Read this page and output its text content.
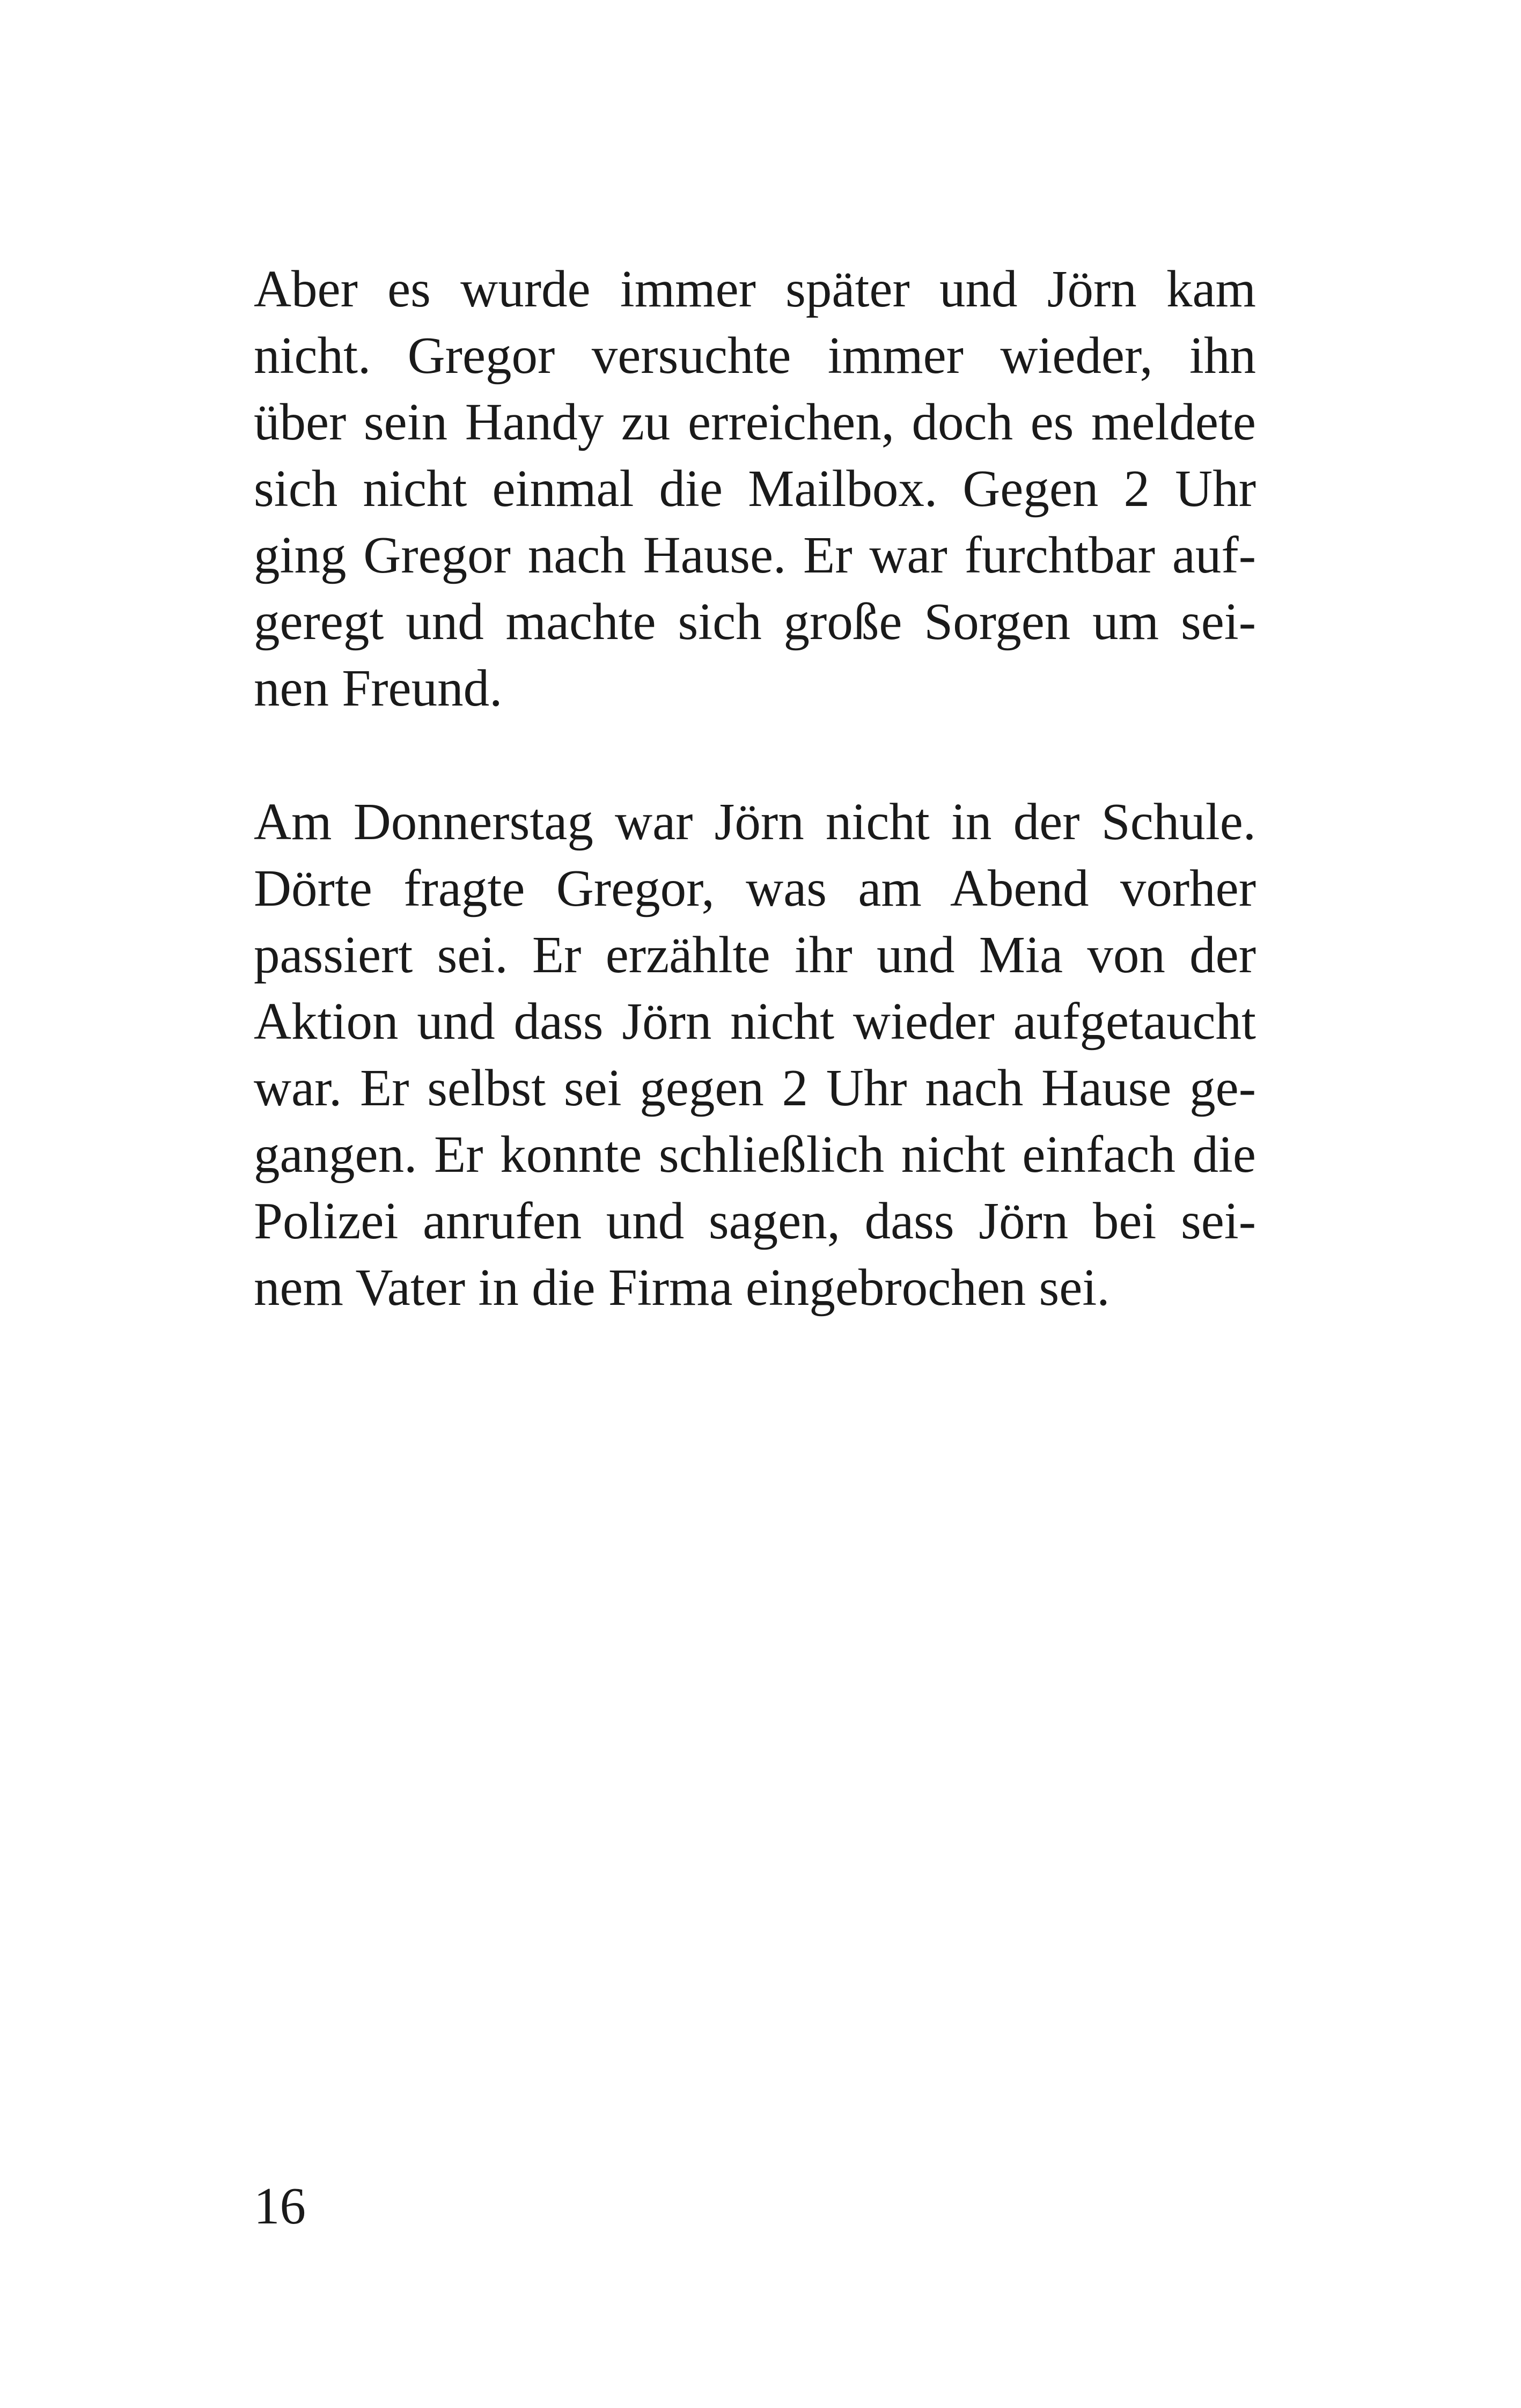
Aber es wurde immer später und Jörn kam
nicht. Gregor versuchte immer wieder, ihn
über sein Handy zu erreichen, doch es meldete
sich nicht einmal die Mailbox. Gegen 2 Uhr
ging Gregor nach Hause. Er war furchtbar auf-
geregt und machte sich große Sorgen um sei-
nen Freund.
Am Donnerstag war Jörn nicht in der Schule.
Dörte fragte Gregor, was am Abend vorher
passiert sei. Er erzählte ihr und Mia von der
Aktion und dass Jörn nicht wieder aufgetaucht
war. Er selbst sei gegen 2 Uhr nach Hause ge-
gangen. Er konnte schließlich nicht einfach die
Polizei anrufen und sagen, dass Jörn bei sei-
nem Vater in die Firma eingebrochen sei.
16
